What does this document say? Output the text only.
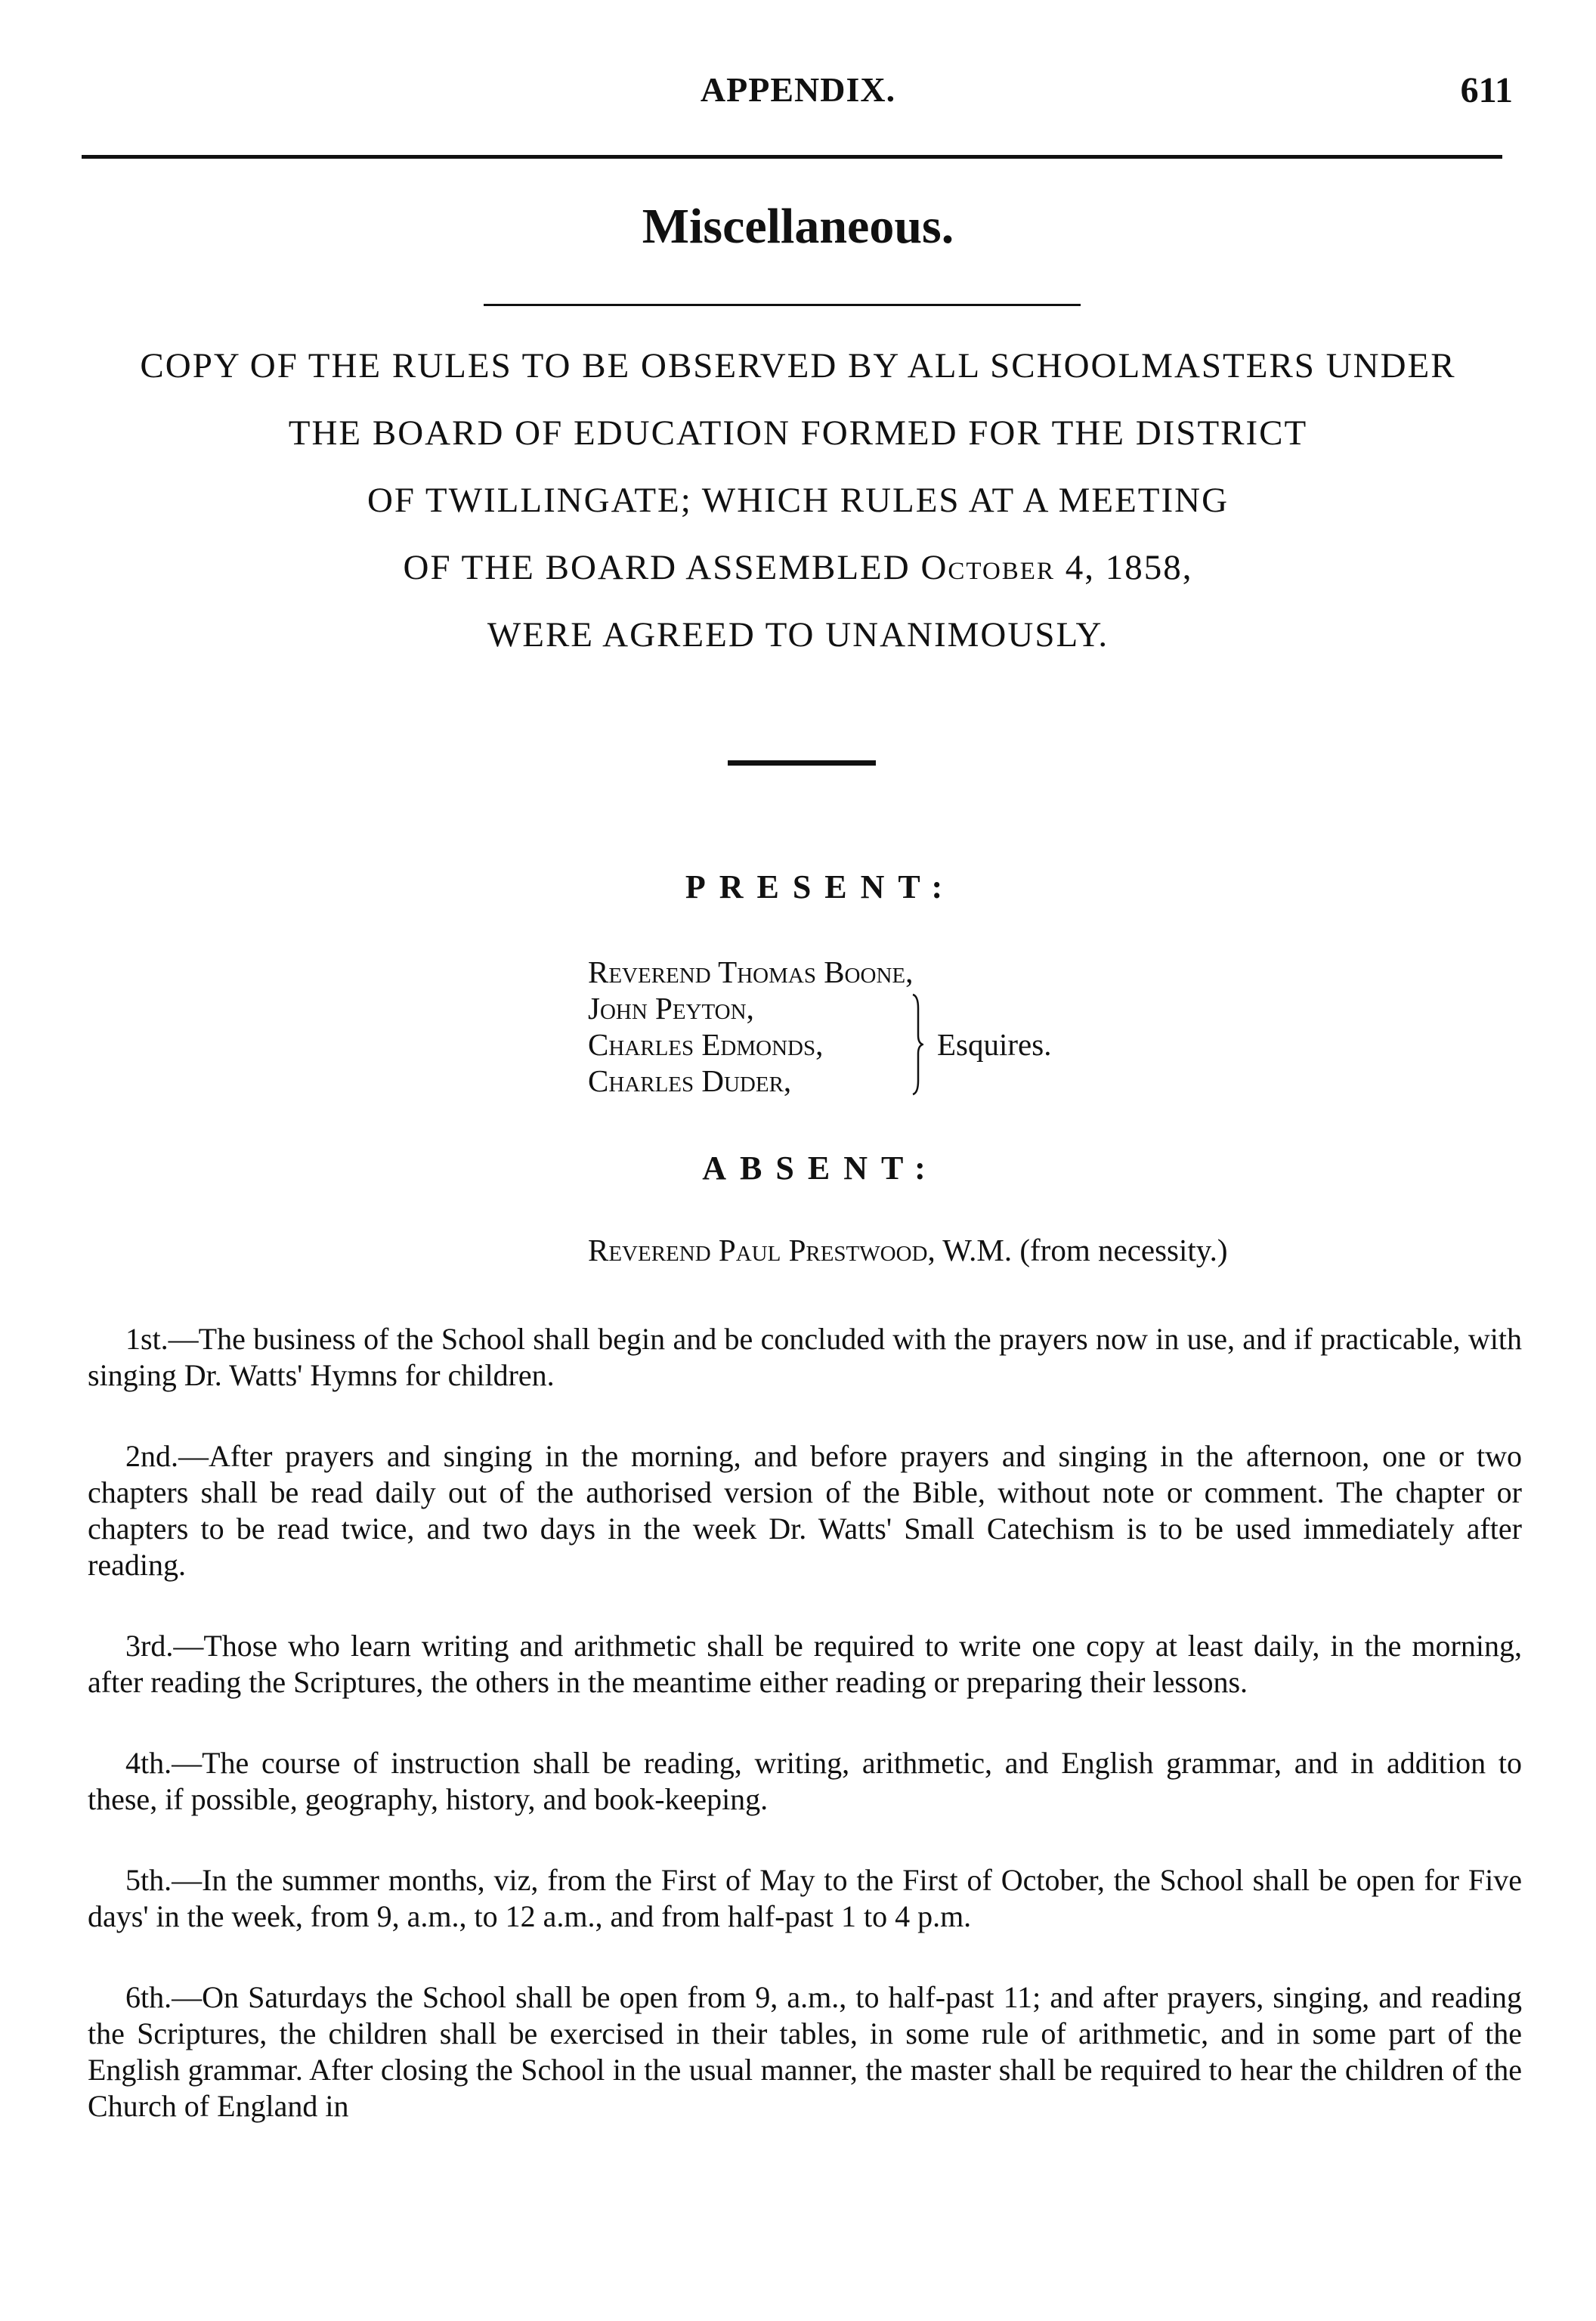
APPENDIX.	611
Miscellaneous.
COPY OF THE RULES TO BE OBSERVED BY ALL SCHOOLMASTERS UNDER
THE BOARD OF EDUCATION FORMED FOR THE DISTRICT
OF TWILLINGATE; WHICH RULES AT A MEETING
OF THE BOARD ASSEMBLED October 4, 1858,
WERE AGREED TO UNANIMOUSLY.
PRESENT:
Reverend Thomas Boone,
John Peyton,
Charles Edmonds,
Charles Duder,
Esquires.
ABSENT:
Reverend Paul Prestwood, W.M. (from necessity.)

1st.—The business of the School shall begin and be concluded with the prayers now in use, and if practicable, with singing Dr. Watts' Hymns for children.

2nd.—After prayers and singing in the morning, and before prayers and singing in the afternoon, one or two chapters shall be read daily out of the authorised version of the Bible, without note or comment. The chapter or chapters to be read twice, and two days in the week Dr. Watts' Small Catechism is to be used immediately after reading.

3rd.—Those who learn writing and arithmetic shall be required to write one copy at least daily, in the morning, after reading the Scriptures, the others in the meantime either reading or preparing their lessons.

4th.—The course of instruction shall be reading, writing, arithmetic, and English grammar, and in addition to these, if possible, geography, history, and book-keeping.

5th.—In the summer months, viz, from the First of May to the First of October, the School shall be open for Five days' in the week, from 9, a.m., to 12 a.m., and from half-past 1 to 4 p.m.

6th.—On Saturdays the School shall be open from 9, a.m., to half-past 11; and after prayers, singing, and reading the Scriptures, the children shall be exercised in their tables, in some rule of arithmetic, and in some part of the English grammar. After closing the School in the usual manner, the master shall be required to hear the children of the Church of England in
